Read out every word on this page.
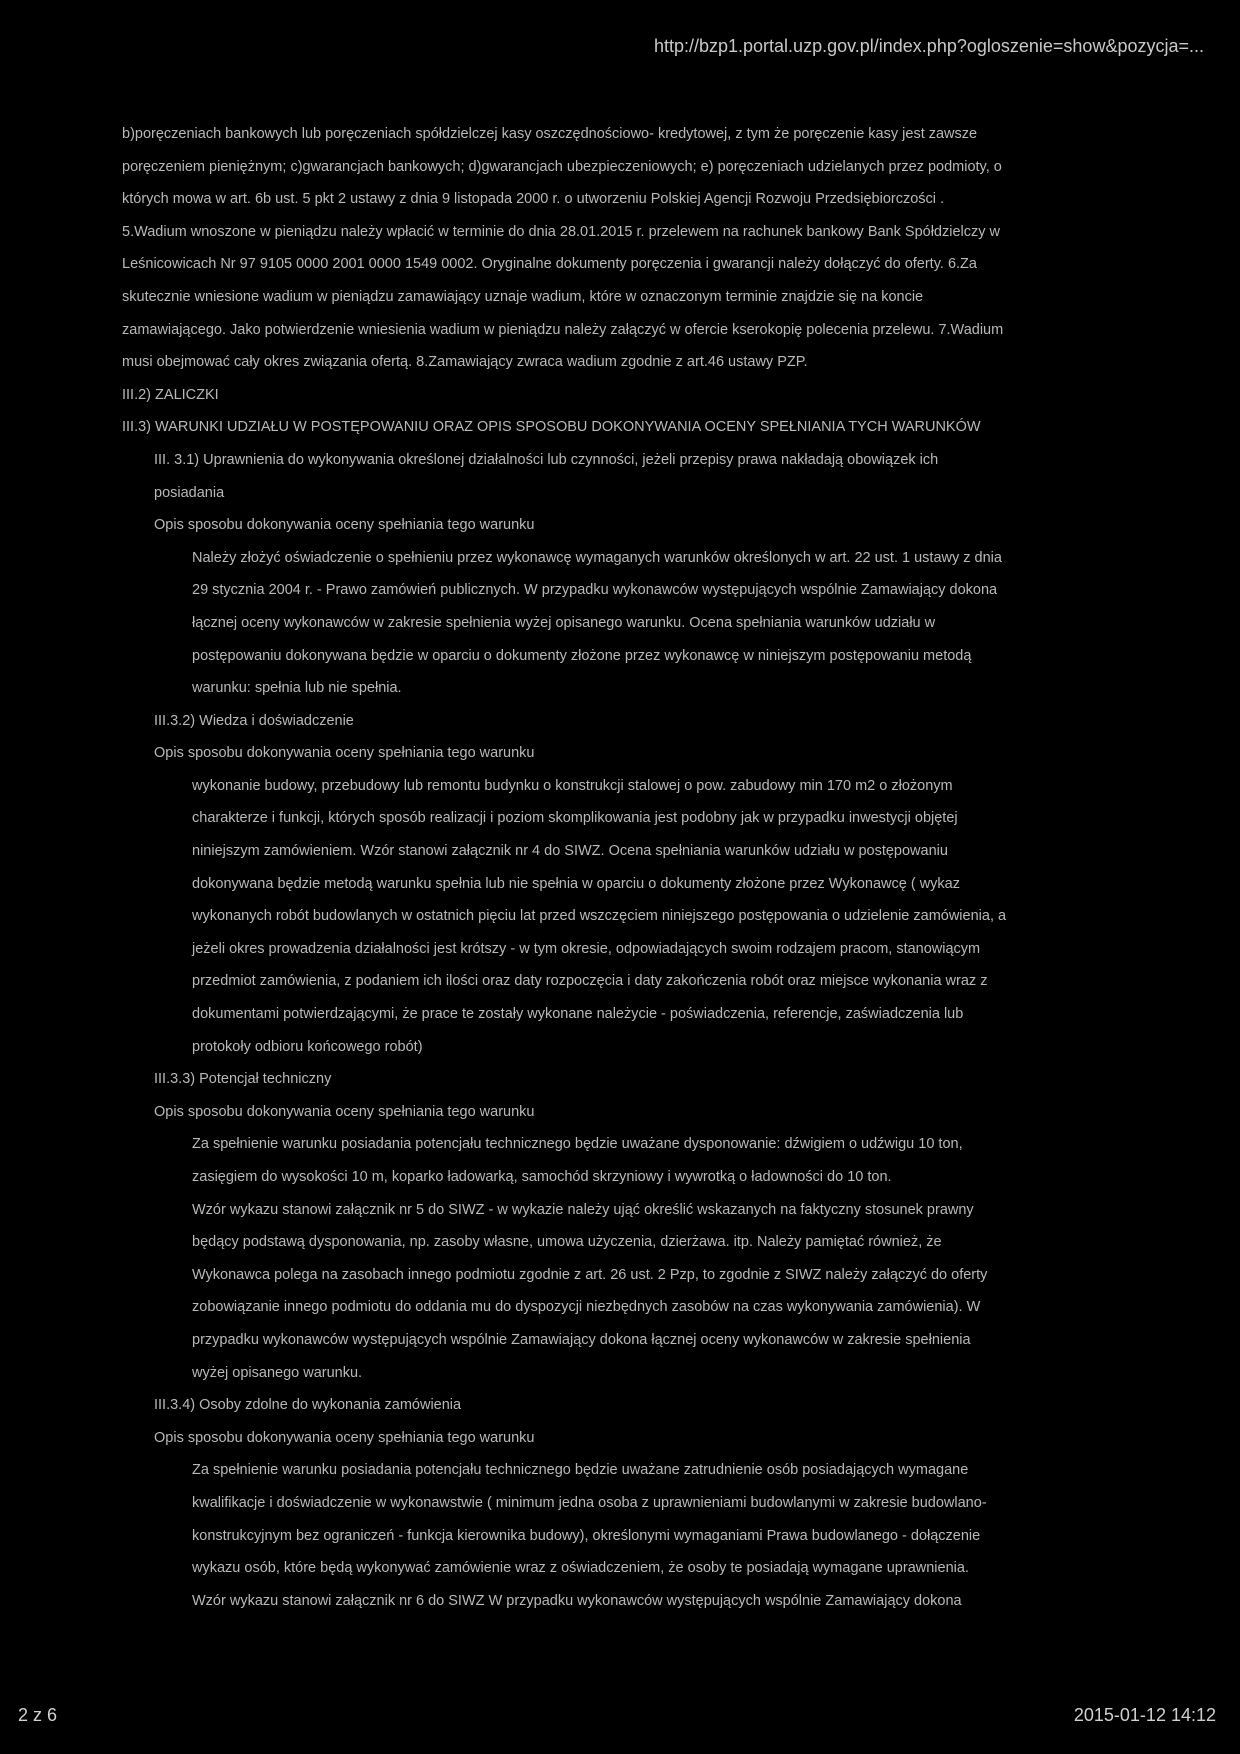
http://bzp1.portal.uzp.gov.pl/index.php?ogloszenie=show&pozycja=...
b)poręczeniach bankowych lub poręczeniach spółdzielczej kasy oszczędnościowo- kredytowej, z tym że poręczenie kasy jest zawsze
poręczeniem pieniężnym; c)gwarancjach bankowych; d)gwarancjach ubezpieczeniowych; e) poręczeniach udzielanych przez podmioty, o
których mowa w art. 6b ust. 5 pkt 2 ustawy z dnia 9 listopada 2000 r. o utworzeniu Polskiej Agencji Rozwoju Przedsiębiorczości .
5.Wadium wnoszone w pieniądzu należy wpłacić w terminie do dnia 28.01.2015 r. przelewem na rachunek bankowy Bank Spółdzielczy w
Leśnicowicach Nr 97 9105 0000 2001 0000 1549 0002. Oryginalne dokumenty poręczenia i gwarancji należy dołączyć do oferty. 6.Za
skutecznie wniesione wadium w pieniądzu zamawiający uznaje wadium, które w oznaczonym terminie znajdzie się na koncie
zamawiającego. Jako potwierdzenie wniesienia wadium w pieniądzu należy załączyć w ofercie kserokopię polecenia przelewu. 7.Wadium
musi obejmować cały okres związania ofertą. 8.Zamawiający zwraca wadium zgodnie z art.46 ustawy PZP.
III.2) ZALICZKI
III.3) WARUNKI UDZIAŁU W POSTĘPOWANIU ORAZ OPIS SPOSOBU DOKONYWANIA OCENY SPEŁNIANIA TYCH WARUNKÓW
III. 3.1) Uprawnienia do wykonywania określonej działalności lub czynności, jeżeli przepisy prawa nakładają obowiązek ich
posiadania
Opis sposobu dokonywania oceny spełniania tego warunku
Należy złożyć oświadczenie o spełnieniu przez wykonawcę wymaganych warunków określonych w art. 22 ust. 1 ustawy z dnia
29 stycznia 2004 r. - Prawo zamówień publicznych. W przypadku wykonawców występujących wspólnie Zamawiający dokona
łącznej oceny wykonawców w zakresie spełnienia wyżej opisanego warunku. Ocena spełniania warunków udziału w
postępowaniu dokonywana będzie w oparciu o dokumenty złożone przez wykonawcę w niniejszym postępowaniu metodą
warunku: spełnia lub nie spełnia.
III.3.2) Wiedza i doświadczenie
Opis sposobu dokonywania oceny spełniania tego warunku
wykonanie budowy, przebudowy lub remontu budynku o konstrukcji stalowej o pow. zabudowy min 170 m2 o złożonym
charakterze i funkcji, których sposób realizacji i poziom skomplikowania jest podobny jak w przypadku inwestycji objętej
niniejszym zamówieniem. Wzór stanowi załącznik nr 4 do SIWZ. Ocena spełniania warunków udziału w postępowaniu
dokonywana będzie metodą warunku spełnia lub nie spełnia w oparciu o dokumenty złożone przez Wykonawcę ( wykaz
wykonanych robót budowlanych w ostatnich pięciu lat przed wszczęciem niniejszego postępowania o udzielenie zamówienia, a
jeżeli okres prowadzenia działalności jest krótszy - w tym okresie, odpowiadających swoim rodzajem pracom, stanowiącym
przedmiot zamówienia, z podaniem ich ilości oraz daty rozpoczęcia i daty zakończenia robót oraz miejsce wykonania wraz z
dokumentami potwierdzającymi, że prace te zostały wykonane należycie - poświadczenia, referencje, zaświadczenia lub
protokoły odbioru końcowego robót)
III.3.3) Potencjał techniczny
Opis sposobu dokonywania oceny spełniania tego warunku
Za spełnienie warunku posiadania potencjału technicznego będzie uważane dysponowanie: dźwigiem o udźwigu 10 ton,
zasięgiem do wysokości 10 m, koparko ładowarką, samochód skrzyniowy i wywrotką o ładowności do 10 ton.
Wzór wykazu stanowi załącznik nr 5 do SIWZ - w wykazie należy ująć określić wskazanych na faktyczny stosunek prawny
będący podstawą dysponowania, np. zasoby własne, umowa użyczenia, dzierżawa. itp. Należy pamiętać również, że
Wykonawca polega na zasobach innego podmiotu zgodnie z art. 26 ust. 2 Pzp, to zgodnie z SIWZ należy załączyć do oferty
zobowiązanie innego podmiotu do oddania mu do dyspozycji niezbędnych zasobów na czas wykonywania zamówienia). W
przypadku wykonawców występujących wspólnie Zamawiający dokona łącznej oceny wykonawców w zakresie spełnienia
wyżej opisanego warunku.
III.3.4) Osoby zdolne do wykonania zamówienia
Opis sposobu dokonywania oceny spełniania tego warunku
Za spełnienie warunku posiadania potencjału technicznego będzie uważane zatrudnienie osób posiadających wymagane
kwalifikacje i doświadczenie w wykonawstwie ( minimum jedna osoba z uprawnieniami budowlanymi w zakresie budowlano-
konstrukcyjnym bez ograniczeń - funkcja kierownika budowy), określonymi wymaganiami Prawa budowlanego - dołączenie
wykazu osób, które będą wykonywać zamówienie wraz z oświadczeniem, że osoby te posiadają wymagane uprawnienia.
Wzór wykazu stanowi załącznik nr 6 do SIWZ W przypadku wykonawców występujących wspólnie Zamawiający dokona
2 z 6	2015-01-12 14:12
